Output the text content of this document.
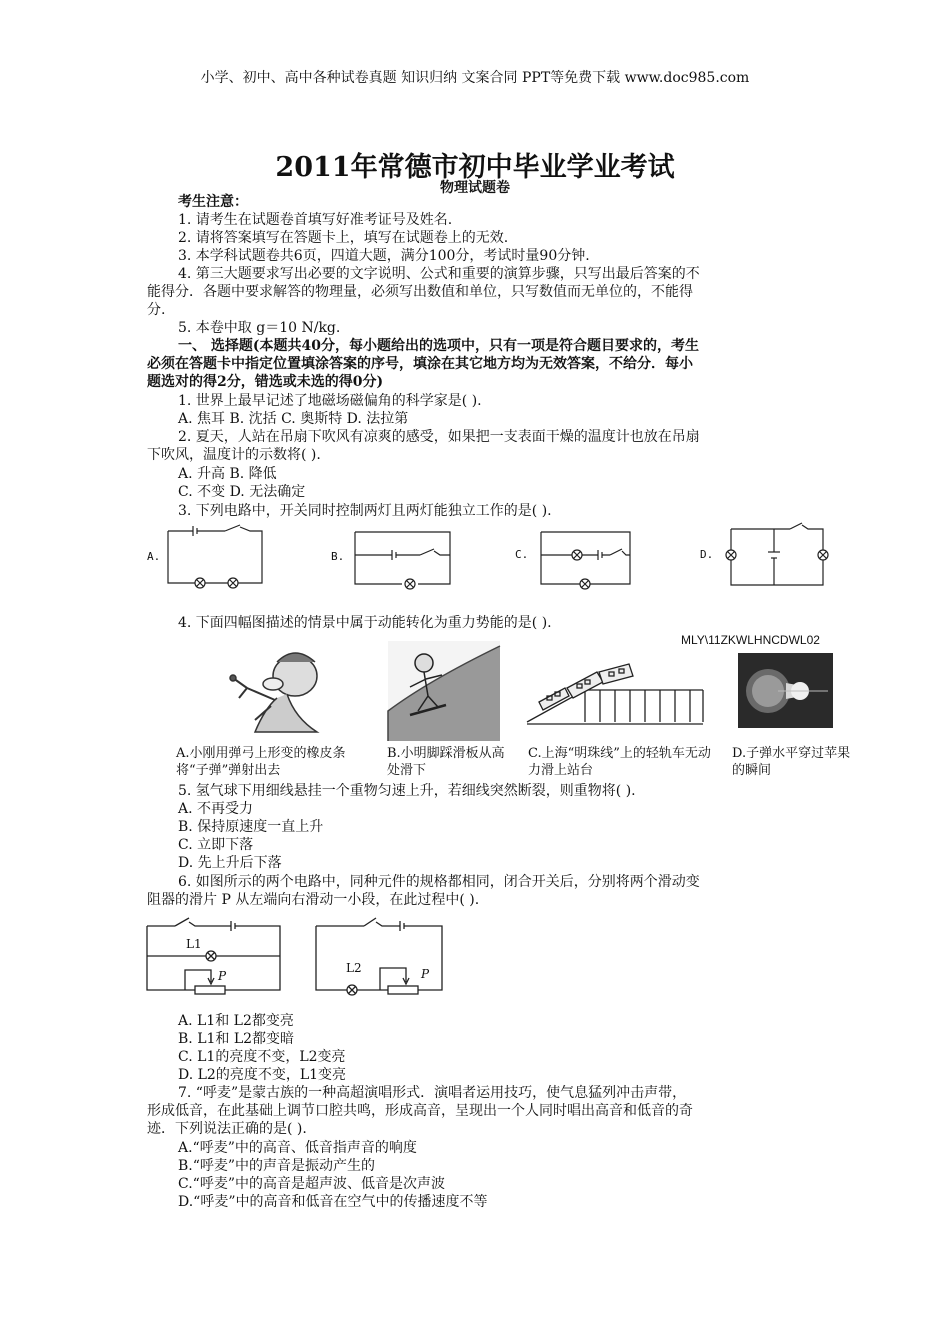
小学、初中、高中各种试卷真题 知识归纳 文案合同 PPT等免费下载 www.doc985.com
2011年常德市初中毕业学业考试
物理试题卷
考生注意：
1. 请考生在试题卷首填写好准考证号及姓名.
2. 请将答案填写在答题卡上，填写在试题卷上的无效.
3. 本学科试题卷共6页，四道大题，满分100分，考试时量90分钟.
4. 第三大题要求写出必要的文字说明、公式和重要的演算步骤，只写出最后答案的不
能得分．各题中要求解答的物理量，必须写出数值和单位，只写数值而无单位的，不能得
分.
5. 本卷中取 g＝10 N/kg.
一、 选择题(本题共40分，每小题给出的选项中，只有一项是符合题目要求的，考生
必须在答题卡中指定位置填涂答案的序号，填涂在其它地方均为无效答案，不给分．每小
题选对的得2分，错选或未选的得0分)
1. 世界上最早记述了地磁场磁偏角的科学家是( ).
A. 焦耳 B. 沈括 C. 奥斯特 D. 法拉第
2. 夏天，人站在吊扇下吹风有凉爽的感受，如果把一支表面干燥的温度计也放在吊扇
下吹风，温度计的示数将( ).
A. 升高 B. 降低
C. 不变 D. 无法确定
3. 下列电路中，开关同时控制两灯且两灯能独立工作的是( ).
A.	B.	C.	D.
4. 下面四幅图描述的情景中属于动能转化为重力势能的是( ).
MLY\11ZKWLHNCDWL02
A.小刚用弹弓上形变的橡皮条将“子弹”弹射出去
B.小明脚踩滑板从高处滑下
C.上海“明珠线”上的轻轨车无动力滑上站台
D.子弹水平穿过苹果的瞬间
5. 氢气球下用细线悬挂一个重物匀速上升，若细线突然断裂，则重物将( ).
A. 不再受力
B. 保持原速度一直上升
C. 立即下落
D. 先上升后下落
6. 如图所示的两个电路中，同种元件的规格都相同，闭合开关后，分别将两个滑动变
阻器的滑片 P 从左端向右滑动一小段，在此过程中( ).
L1
P
L2	P
A. L1和 L2都变亮
B. L1和 L2都变暗
C. L1的亮度不变，L2变亮
D. L2的亮度不变，L1变亮
7. “呼麦”是蒙古族的一种高超演唱形式．演唱者运用技巧，使气息猛列冲击声带，
形成低音，在此基础上调节口腔共鸣，形成高音，呈现出一个人同时唱出高音和低音的奇
迹．下列说法正确的是( ).
A.“呼麦”中的高音、低音指声音的响度
B.“呼麦”中的声音是振动产生的
C.“呼麦”中的高音是超声波、低音是次声波
D.“呼麦”中的高音和低音在空气中的传播速度不等
